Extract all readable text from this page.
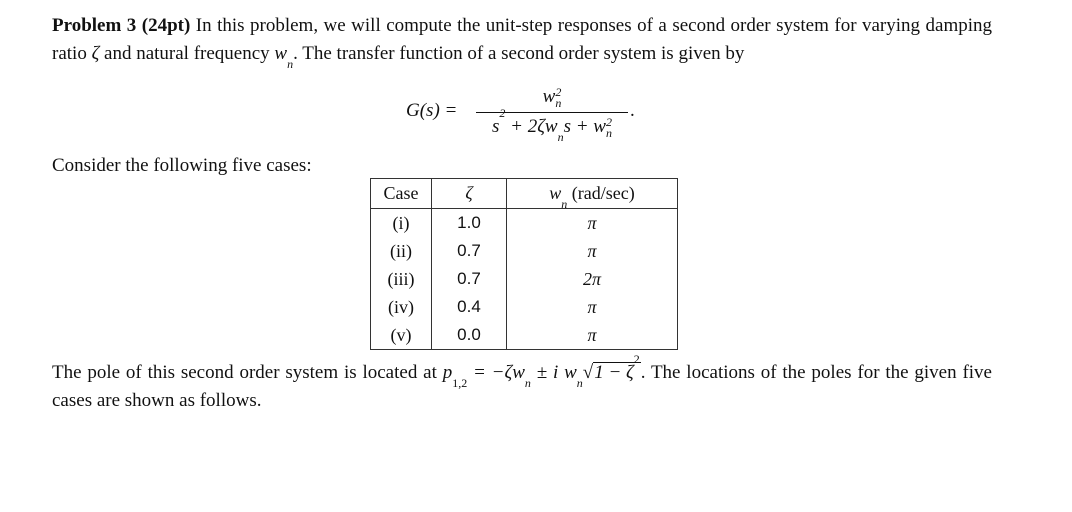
Problem 3 (24pt) In this problem, we will compute the unit-step responses of a second order system for varying damping ratio ζ and natural frequency $w_n$. The transfer function of a second order system is given by
G(s) =
w 2
n
$s^2 + 2\zeta w_ns + w$ 2
n
.
Consider the following five cases:
Case	ζ	$w_n$ (rad/sec)
(i)	1.0	π
(ii)	0.7	π
(iii)	0.7	2π
(iv)	0.4	π
(v)	0.0	π
The pole of this second order system is located at $p_{1,2} = -\zeta w_n \pm i$ $w_n√1 - \zeta^2$. The locations of the poles for the given five cases are shown as follows.
